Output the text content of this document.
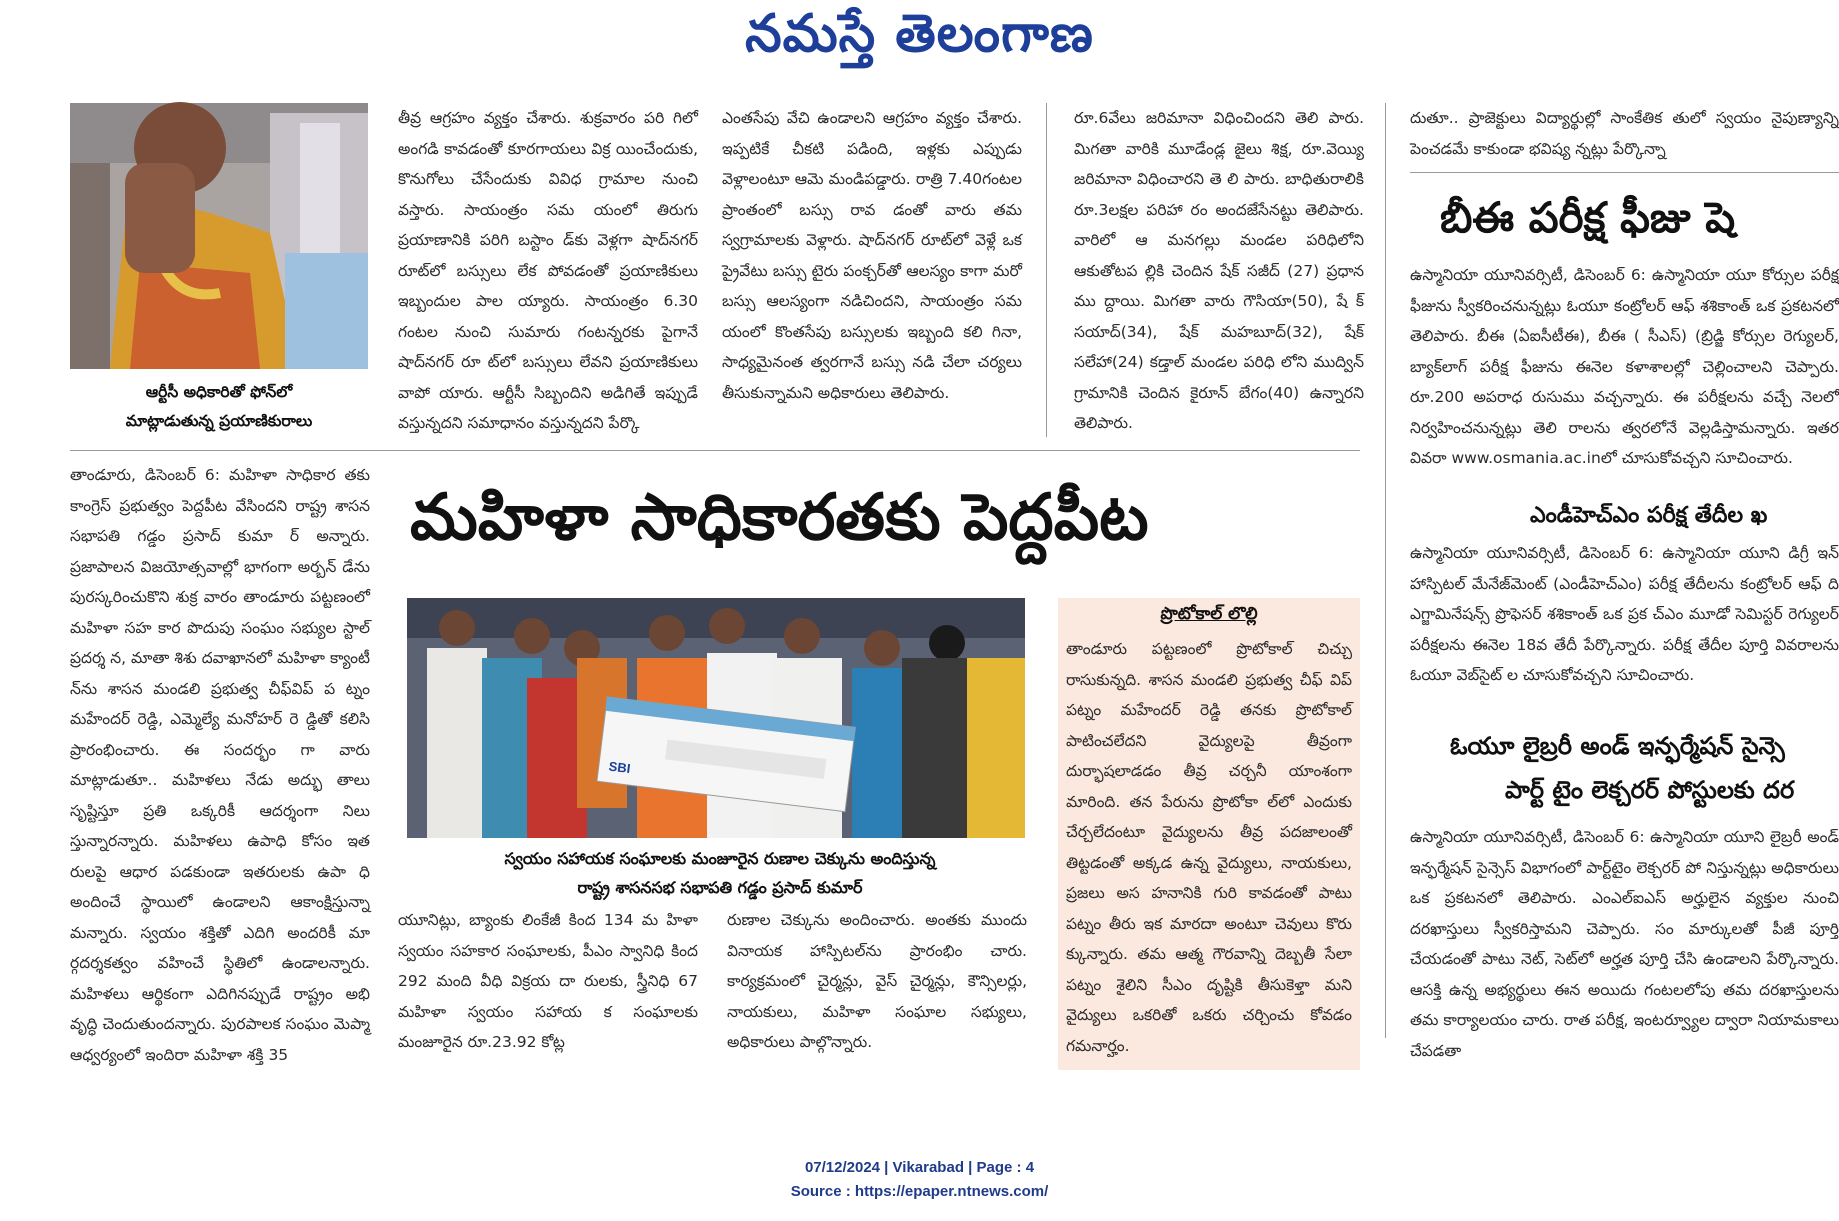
నమస్తే తెలంగాణ
ఆర్టీసీ అధికారితో ఫోన్‌లో
మాట్లాడుతున్న ప్రయాణికురాలు
తీవ్ర ఆగ్రహం వ్యక్తం చేశారు. శుక్రవారం పరి గిలో అంగడి కావడంతో కూరగాయలు విక్ర యించేందుకు, కొనుగోలు చేసేందుకు వివిధ గ్రామాల నుంచి వస్తారు. సాయంత్రం సమ యంలో తిరుగు ప్రయాణానికి పరిగి బస్టాం డ్‌కు వెళ్లగా షాద్‌నగర్ రూట్‌లో బస్సులు లేక పోవడంతో ప్రయాణికులు ఇబ్బందుల పాల య్యారు. సాయంత్రం 6.30 గంటల నుంచి సుమారు గంటన్నరకు పైగానే షాద్‌నగర్ రూ ట్‌లో బస్సులు లేవని ప్రయాణికులు వాపో యారు. ఆర్టీసీ సిబ్బందిని అడిగితే ఇప్పుడే వస్తున్నదని సమాధానం వస్తున్నదని పేర్కొ
ఎంతసేపు వేచి ఉండాలని ఆగ్రహం వ్యక్తం చేశారు. ఇప్పటికే చీకటి పడింది, ఇళ్లకు ఎప్పుడు వెళ్లాలంటూ ఆమె మండిపడ్డారు. రాత్రి 7.40గంటల ప్రాంతంలో బస్సు రావ డంతో వారు తమ స్వగ్రామాలకు వెళ్లారు. షాద్‌నగర్ రూట్‌లో వెళ్లే ఒక ప్రైవేటు బస్సు టైరు పంక్చర్‌తో ఆలస్యం కాగా మరో బస్సు ఆలస్యంగా నడిచిందని, సాయంత్రం సమ యంలో కొంతసేపు బస్సులకు ఇబ్బంది కలి గినా, సాధ్యమైనంత త్వరగానే బస్సు నడి చేలా చర్యలు తీసుకున్నామని అధికారులు తెలిపారు.
రూ.6వేలు జరిమానా విధించిందని తెలి పారు. మిగతా వారికి మూడేండ్ల జైలు శిక్ష, రూ.వెయ్యి జరిమానా విధించారని తె లి పారు. బాధితురాలికి రూ.3లక్షల పరిహా రం అందజేసేనట్టు తెలిపారు. వారిలో ఆ మనగల్లు మండల పరిధిలోని ఆకుతోటప ల్లికి చెందిన షేక్ సజీద్ (27) ప్రధాన ము ద్దాయి. మిగతా వారు గౌసియా(50), షే క్ సయాద్(34), షేక్ మహబూద్(32), షేక్ సలేహా(24) కడ్తాల్ మండల పరిధి లోని ముద్విన్ గ్రామానికి చెందిన కైరూన్ బేగం(40) ఉన్నారని తెలిపారు.
దుతూ.. ప్రాజెక్టులు విద్యార్థుల్లో సాంకేతిక తులో స్వయం నైపుణ్యాన్ని పెంచడమే కాకుండా భవిష్య న్నట్లు పేర్కొన్నా
బీఈ పరీక్ష ఫీజు షె
ఉస్మానియా యూనివర్సిటీ, డిసెంబర్ 6: ఉస్మానియా యూ కోర్సుల పరీక్ష ఫీజును స్వీకరించనున్నట్లు ఓయూ కంట్రోలర్ ఆఫ్ శశికాంత్ ఒక ప్రకటనలో తెలిపారు. బీఈ (ఏఐసీటీఈ), బీఈ ( సీఎస్) (బ్రిడ్జి కోర్సుల రెగ్యులర్, బ్యాక్‌లాగ్ పరీక్ష ఫీజును ఈనెల కళాశాలల్లో చెల్లించాలని చెప్పారు. రూ.200 అపరాధ రుసుము వచ్చన్నారు. ఈ పరీక్షలను వచ్చే నెలలో నిర్వహించనున్నట్లు తెలి రాలను త్వరలోనే వెల్లడిస్తామన్నారు. ఇతర వివరా www.osmania.ac.inలో చూసుకోవచ్చని సూచించారు.
ఎండీహెచ్‌ఎం పరీక్ష తేదీల ఖ
ఉస్మానియా యూనివర్సిటీ, డిసెంబర్ 6: ఉస్మానియా యూని డిగ్రీ ఇన్ హాస్పిటల్ మేనేజ్‌మెంట్ (ఎండీహెచ్‌ఎం) పరీక్ష తేదీలను కంట్రోలర్ ఆఫ్ ది ఎగ్జామినేషన్స్ ప్రొఫెసర్ శశికాంత్ ఒక ప్రక చ్‌ఎం మూడో సెమిస్టర్ రెగ్యులర్ పరీక్షలను ఈనెల 18వ తేదీ పేర్కొన్నారు. పరీక్ష తేదీల పూర్తి వివరాలను ఓయూ వెబ్‌సైట్ ల చూసుకోవచ్చని సూచించారు.
ఓయూ లైబ్రరీ అండ్ ఇన్ఫర్మేషన్ సైన్సె
పార్ట్ టైం లెక్చరర్ పోస్టులకు దర
ఉస్మానియా యూనివర్సిటీ, డిసెంబర్ 6: ఉస్మానియా యూని లైబ్రరీ అండ్ ఇన్ఫర్మేషన్ సైన్సెస్ విభాగంలో పార్ట్‌టైం లెక్చరర్ పో నిస్తున్నట్లు అధికారులు ఒక ప్రకటనలో తెలిపారు. ఎంఎల్ఐఎస్ అర్హులైన వ్యక్తుల నుంచి దరఖాస్తులు స్వీకరిస్తామని చెప్పారు. సం మార్కులతో పీజీ పూర్తి చేయడంతో పాటు నెట్, సెట్‌లో అర్హత పూర్తి చేసి ఉండాలని పేర్కొన్నారు. ఆసక్తి ఉన్న అభ్యర్థులు ఈన అయిదు గంటలలోపు తమ దరఖాస్తులను తమ కార్యాలయం చారు. రాత పరీక్ష, ఇంటర్వ్యూల ద్వారా నియామకాలు చేపడతా
తాండూరు, డిసెంబర్ 6: మహిళా సాధికార తకు కాంగ్రెస్ ప్రభుత్వం పెద్దపీట వేసిందని రాష్ట్ర శాసన సభాపతి గడ్డం ప్రసాద్ కుమా ర్ అన్నారు. ప్రజాపాలన విజయోత్సవాల్లో భాగంగా అర్బన్ డేను పురస్కరించుకొని శుక్ర వారం తాండూరు పట్టణంలో మహిళా సహ కార పొదుపు సంఘం సభ్యుల స్టాల్ ప్రదర్శ న, మాతా శిశు దవాఖానలో మహిళా క్యాంటీ న్‌ను శాసన మండలి ప్రభుత్వ చీఫ్‌విప్ ప ట్నం మహేందర్ రెడ్డి, ఎమ్మెల్యే మనోహర్ రె డ్డితో కలిసి ప్రారంభించారు. ఈ సందర్భం గా వారు మాట్లాడుతూ.. మహిళలు నేడు అద్భు తాలు సృష్టిస్తూ ప్రతి ఒక్కరికీ ఆదర్శంగా నిలు స్తున్నారన్నారు. మహిళలు ఉపాధి కోసం ఇత రులపై ఆధార పడకుండా ఇతరులకు ఉపా ధి అందించే స్థాయిలో ఉండాలని ఆకాంక్షిస్తున్నా మన్నారు. స్వయం శక్తితో ఎదిగి అందరికీ మా ర్గదర్శకత్వం వహించే స్థితిలో ఉండాలన్నారు. మహిళలు ఆర్థికంగా ఎదిగినప్పుడే రాష్ట్రం అభి వృద్ధి చెందుతుందన్నారు. పురపాలక సంఘం మెప్మా ఆధ్వర్యంలో ఇందిరా మహిళా శక్తి 35
మహిళా సాధికారతకు పెద్దపీట
SBI
స్వయం సహాయక సంఘాలకు మంజూరైన రుణాల చెక్కును అందిస్తున్న
రాష్ట్ర శాసనసభ సభాపతి గడ్డం ప్రసాద్ కుమార్
యూనిట్లు, బ్యాంకు లింకేజీ కింద 134 మ హిళా స్వయం సహకార సంఘాలకు, పీఎం స్వానిధి కింద 292 మంది వీధి విక్రయ దా రులకు, స్త్రీనిధి 67 మహిళా స్వయం సహాయ క సంఘాలకు మంజూరైన రూ.23.92 కోట్ల
రుణాల చెక్కును అందించారు. అంతకు ముందు వినాయక హాస్పిటల్‌ను ప్రారంభిం చారు. కార్యక్రమంలో చైర్మన్లు, వైస్ చైర్మన్లు, కౌన్సిలర్లు, నాయకులు, మహిళా సంఘాల సభ్యులు, అధికారులు పాల్గొన్నారు.
ప్రొటోకాల్ లొల్లి
తాండూరు పట్టణంలో ప్రొటోకాల్ చిచ్చు రాసుకున్నది. శాసన మండలి ప్రభుత్వ చీఫ్ విప్ పట్నం మహేందర్ రెడ్డి తనకు ప్రొటోకాల్ పాటించలేదని వైద్యులపై తీవ్రంగా దుర్భాషలాడడం తీవ్ర చర్చనీ యాంశంగా మారింది. తన పేరును ప్రొటోకా ల్‌లో ఎందుకు చేర్చలేదంటూ వైద్యులను తీవ్ర పదజాలంతో తిట్టడంతో అక్కడ ఉన్న వైద్యులు, నాయకులు, ప్రజలు అస హనానికి గురి కావడంతో పాటు పట్నం తీరు ఇక మారదా అంటూ చెవులు కొరు క్కున్నారు. తమ ఆత్మ గౌరవాన్ని దెబ్బతీ సేలా పట్నం శైలిని సీఎం దృష్టికి తీసుకెళ్తా మని వైద్యులు ఒకరితో ఒకరు చర్చించు కోవడం గమనార్హం.
07/12/2024 | Vikarabad | Page : 4
Source : https://epaper.ntnews.com/
